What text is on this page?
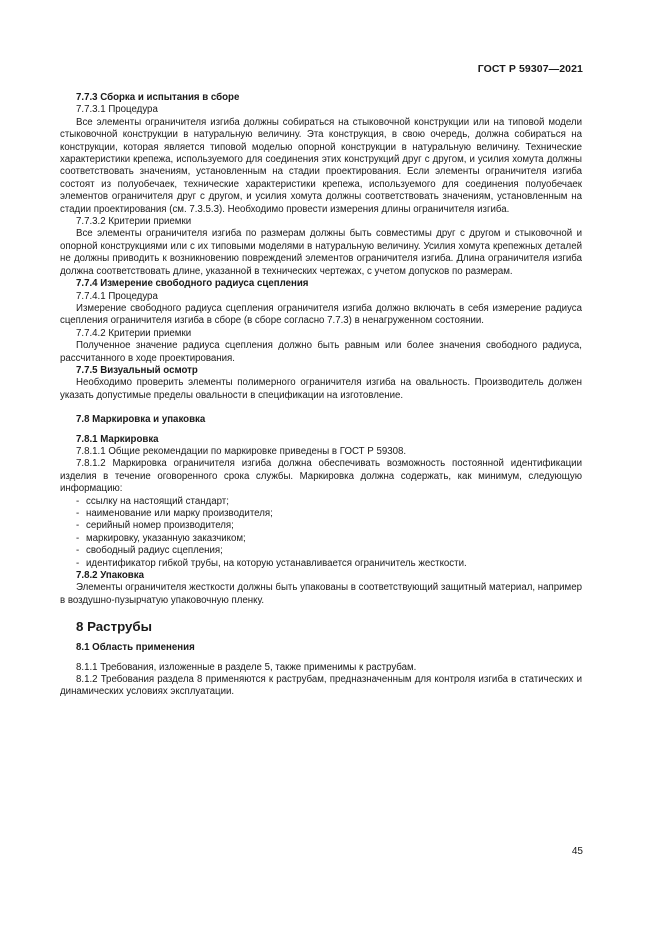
ГОСТ Р 59307—2021

7.7.3 Сборка и испытания в сборе

7.7.3.1 Процедура

Все элементы ограничителя изгиба должны собираться на стыковочной конструкции или на типовой модели стыковочной конструкции в натуральную величину. Эта конструкция, в свою очередь, должна собираться на конструкции, которая является типовой моделью опорной конструкции в натуральную величину. Технические характеристики крепежа, используемого для соединения этих конструкций друг с другом, и усилия хомута должны соответствовать значениям, установленным на стадии проектирования. Если элементы ограничителя изгиба состоят из полуобечаек, технические характеристики крепежа, используемого для соединения полуобечаек элементов ограничителя друг с другом, и усилия хомута должны соответствовать значениям, установленным на стадии проектирования (см. 7.3.5.3). Необходимо провести измерения длины ограничителя изгиба.

7.7.3.2 Критерии приемки

Все элементы ограничителя изгиба по размерам должны быть совместимы друг с другом и стыковочной и опорной конструкциями или с их типовыми моделями в натуральную величину. Усилия хомута крепежных деталей не должны приводить к возникновению повреждений элементов ограничителя изгиба. Длина ограничителя изгиба должна соответствовать длине, указанной в технических чертежах, с учетом допусков по размерам.

7.7.4 Измерение свободного радиуса сцепления

7.7.4.1 Процедура

Измерение свободного радиуса сцепления ограничителя изгиба должно включать в себя измерение радиуса сцепления ограничителя изгиба в сборе (в сборе согласно 7.7.3) в ненагруженном состоянии.

7.7.4.2 Критерии приемки

Полученное значение радиуса сцепления должно быть равным или более значения свободного радиуса, рассчитанного в ходе проектирования.

7.7.5 Визуальный осмотр

Необходимо проверить элементы полимерного ограничителя изгиба на овальность. Производитель должен указать допустимые пределы овальности в спецификации на изготовление.

7.8 Маркировка и упаковка

7.8.1 Маркировка

7.8.1.1 Общие рекомендации по маркировке приведены в ГОСТ Р 59308.

7.8.1.2 Маркировка ограничителя изгиба должна обеспечивать возможность постоянной идентификации изделия в течение оговоренного срока службы. Маркировка должна содержать, как минимум, следующую информацию:

- ссылку на настоящий стандарт;
- наименование или марку производителя;
- серийный номер производителя;
- маркировку, указанную заказчиком;
- свободный радиус сцепления;
- идентификатор гибкой трубы, на которую устанавливается ограничитель жесткости.

7.8.2 Упаковка

Элементы ограничителя жесткости должны быть упакованы в соответствующий защитный материал, например в воздушно-пузырчатую упаковочную пленку.

8 Раструбы

8.1 Область применения

8.1.1 Требования, изложенные в разделе 5, также применимы к раструбам.

8.1.2 Требования раздела 8 применяются к раструбам, предназначенным для контроля изгиба в статических и динамических условиях эксплуатации.

45
